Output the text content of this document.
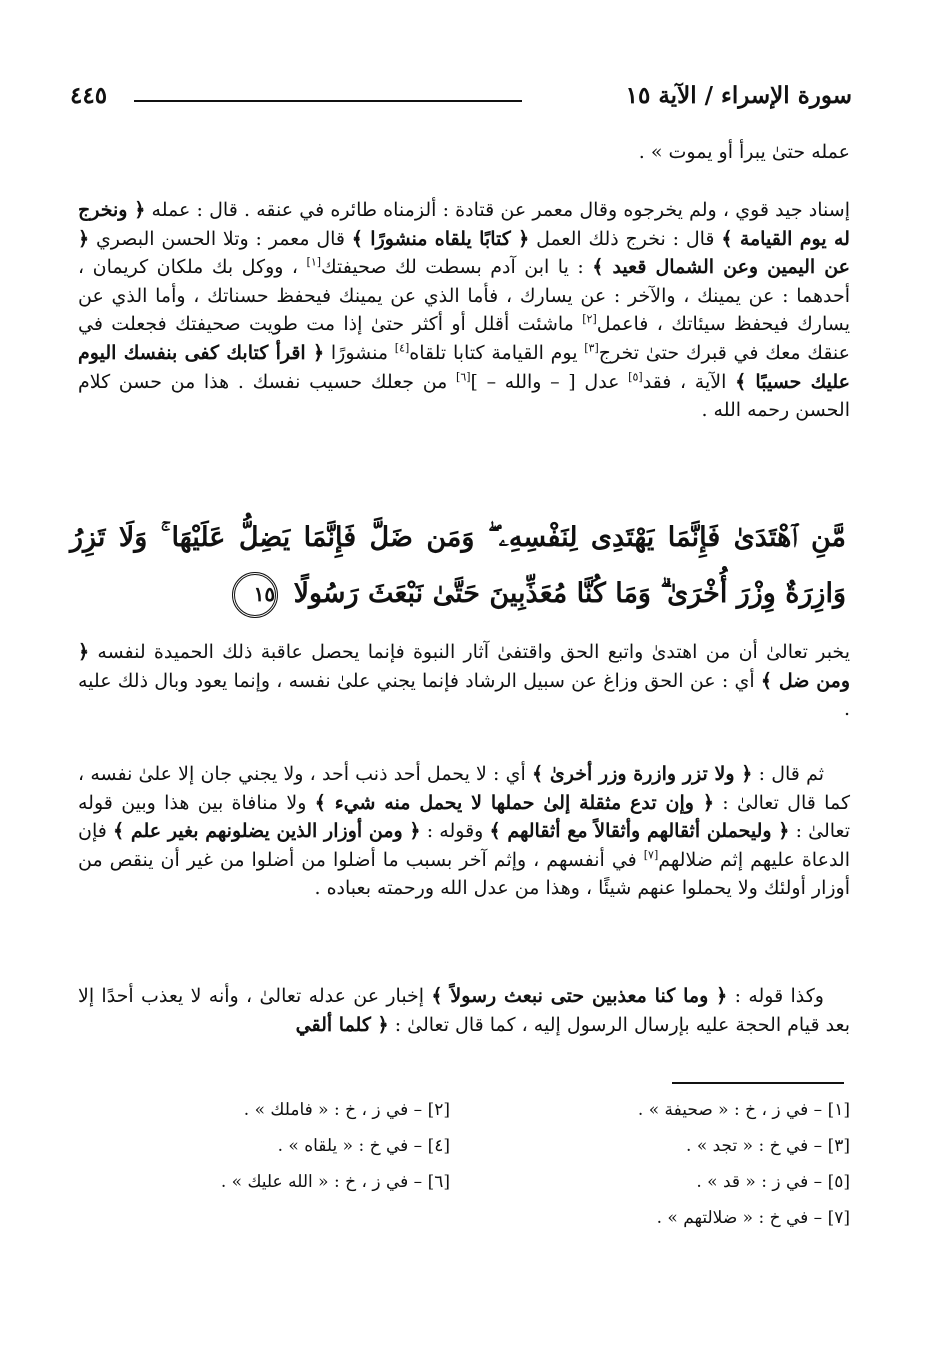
سورة الإسراء / الآية ١٥
٤٤٥

عمله حتىٰ يبرأ أو يموت » .

إسناد جيد قوي ، ولم يخرجوه وقال معمر عن قتادة : ألزمناه طائره في عنقه . قال : عمله ﴿ ونخرج له يوم القيامة ﴾ قال : نخرج ذلك العمل ﴿ كتابًا يلقاه منشورًا ﴾ قال معمر : وتلا الحسن البصري ﴿ عن اليمين وعن الشمال قعيد ﴾ : يا ابن آدم بسطت لك صحيفتك[١] ، ووكل بك ملكان كريمان ، أحدهما : عن يمينك ، والآخر : عن يسارك ، فأما الذي عن يمينك فيحفظ حسناتك ، وأما الذي عن يسارك فيحفظ سيئاتك ، فاعمل[٢] ماشئت أقلل أو أكثر حتىٰ إذا مت طويت صحيفتك فجعلت في عنقك معك في قبرك حتىٰ تخرج[٣] يوم القيامة كتابا تلقاه[٤] منشورًا ﴿ اقرأ كتابك كفى بنفسك اليوم عليك حسيبًا ﴾ الآية ، فقد[٥] عدل [ – والله – ][٦] من جعلك حسيب نفسك . هذا من حسن كلام الحسن رحمه الله .

مَّنِ ٱهْتَدَىٰ فَإِنَّمَا يَهْتَدِى لِنَفْسِهِۦ ۖ وَمَن ضَلَّ فَإِنَّمَا يَضِلُّ عَلَيْهَا ۚ وَلَا تَزِرُ وَازِرَةٌ وِزْرَ أُخْرَىٰ ۗ وَمَا كُنَّا مُعَذِّبِينَ حَتَّىٰ نَبْعَثَ رَسُولًا ١٥

يخبر تعالىٰ أن من اهتدىٰ واتبع الحق واقتفىٰ آثار النبوة فإنما يحصل عاقبة ذلك الحميدة لنفسه ﴿ ومن ضل ﴾ أي : عن الحق وزاغ عن سبيل الرشاد فإنما يجني علىٰ نفسه ، وإنما يعود وبال ذلك عليه .

ثم قال : ﴿ ولا تزر وازرة وزر أخرىٰ ﴾ أي : لا يحمل أحد ذنب أحد ، ولا يجني جان إلا علىٰ نفسه ، كما قال تعالىٰ : ﴿ وإن تدع مثقلة إلىٰ حملها لا يحمل منه شيء ﴾ ولا منافاة بين هذا وبين قوله تعالىٰ : ﴿ وليحملن أثقالهم وأثقالاً مع أثقالهم ﴾ وقوله : ﴿ ومن أوزار الذين يضلونهم بغير علم ﴾ فإن الدعاة عليهم إثم ضلالهم[٧] في أنفسهم ، وإثم آخر بسبب ما أضلوا من أضلوا من غير أن ينقص من أوزار أولئك ولا يحملوا عنهم شيئًا ، وهذا من عدل الله ورحمته بعباده .

وكذا قوله : ﴿ وما كنا معذبين حتى نبعث رسولاً ﴾ إخبار عن عدله تعالىٰ ، وأنه لا يعذب أحدًا إلا بعد قيام الحجة عليه بإرسال الرسول إليه ، كما قال تعالىٰ : ﴿ كلما ألقي

[١] – في ز ، خ : « صحيفة » .
[٢] – في ز ، خ : « فاملك » .
[٣] – في خ : « تجد » .
[٤] – في خ : « يلقاه » .
[٥] – في ز : « قد » .
[٦] – في ز ، خ : « الله عليك » .
[٧] – في خ : « ضلالتهم » .
